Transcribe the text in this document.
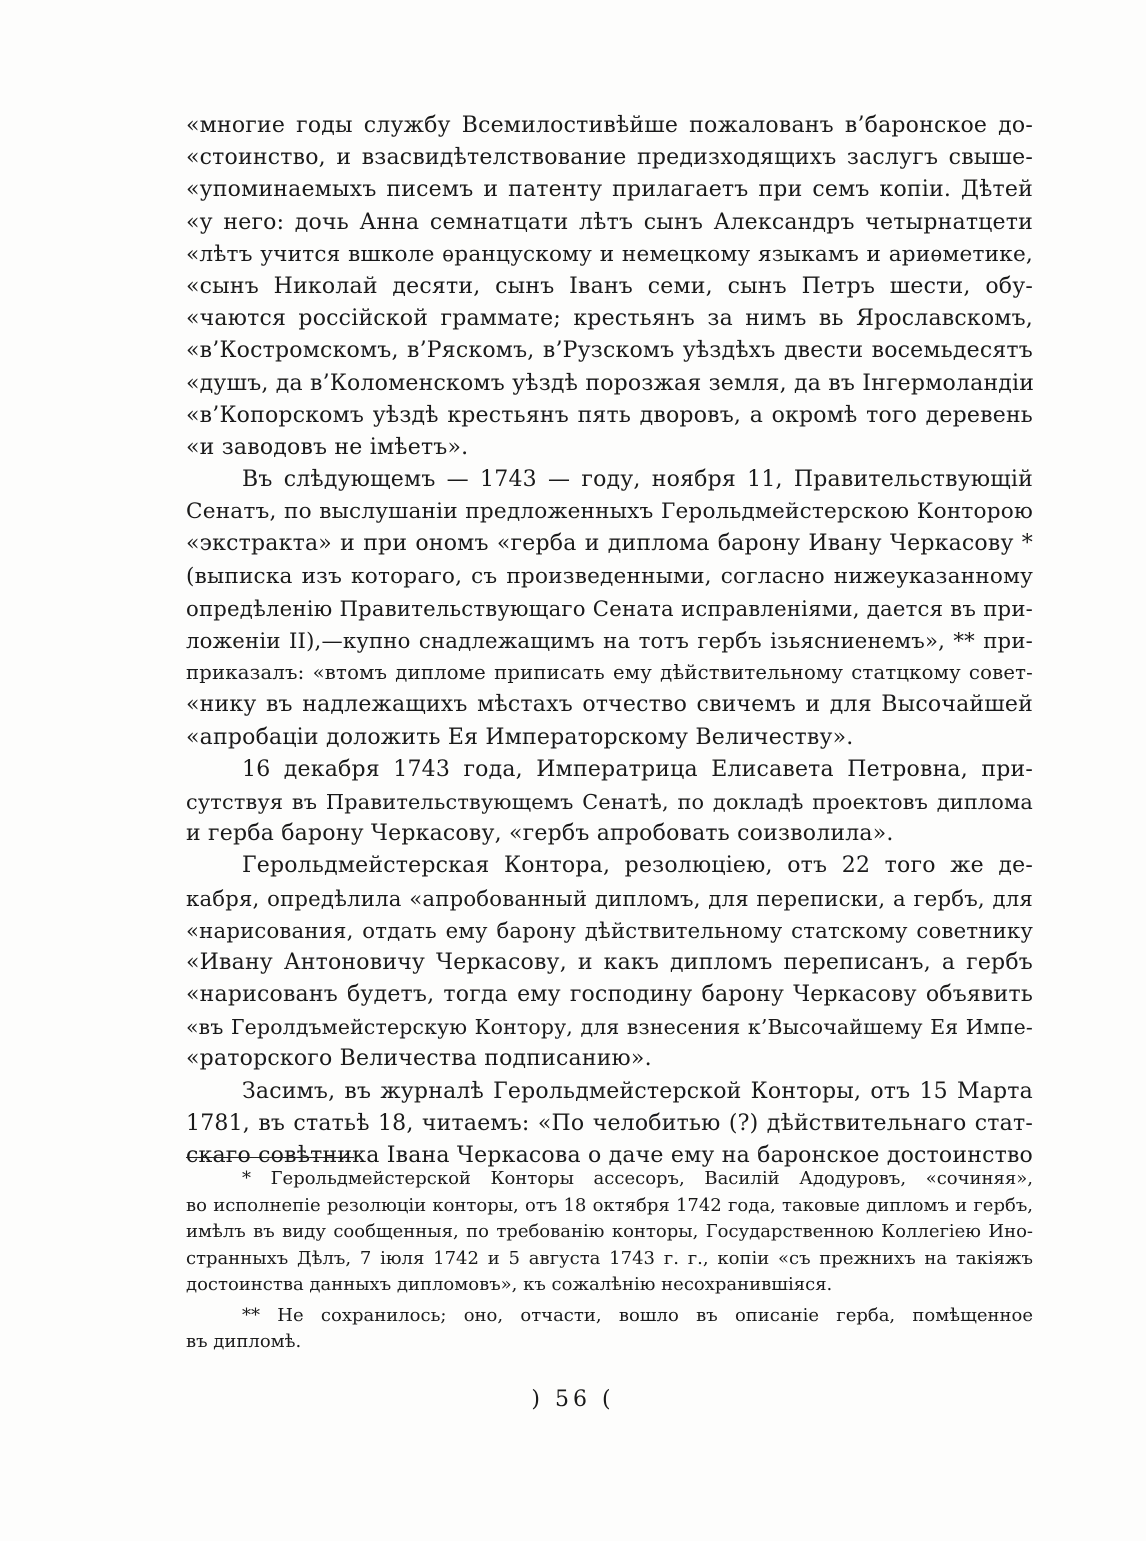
«многие годы службу Всемилостивѣйше пожалованъ в’баронское до-
«стоинство, и взасвидѣтелствование предизходящихъ заслугъ свыше-
«упоминаемыхъ писемъ и патенту прилагаетъ при семъ копіи. Дѣтей
«у него: дочь Анна семнатцати лѣтъ сынъ Александръ четырнатцети
«лѣтъ учится вшколе ѳранцускому и немецкому языкамъ и ариѳметике,
«сынъ Николай десяти, сынъ Іванъ семи, сынъ Петръ шести, обу-
«чаются россійской граммате; крестьянъ за нимъ вь Ярославскомъ,
«в’Костромскомъ, в’Ряскомъ, в’Рузскомъ уѣздѣхъ двести восемьдесятъ
«душъ, да в’Коломенскомъ уѣздѣ порозжая земля, да въ Інгермоландіи
«в’Копорскомъ уѣздѣ крестьянъ пять дворовъ, а окромѣ того деревень
«и заводовъ не імѣетъ».
Въ слѣдующемъ — 1743 — году, ноября 11, Правительствующій
Сенатъ, по выслушаніи предложенныхъ Герольдмейстерскою Конторою
«экстракта» и при ономъ «герба и диплома барону Ивану Черкасову *
(выписка изъ котораго, съ произведенными, согласно нижеуказанному
опредѣленію Правительствующаго Сената исправленіями, дается въ при-
ложеніи II),—купно снадлежащимъ на тотъ гербъ ізьясниенемъ», ** при-
приказалъ: «втомъ дипломе приписать ему дѣйствительному статцкому совет-
«нику въ надлежащихъ мѣстахъ отчество свичемъ и для Высочайшей
«апробаціи доложить Ея Императорскому Величеству».
16 декабря 1743 года, Императрица Елисавета Петровна, при-
сутствуя въ Правительствующемъ Сенатѣ, по докладѣ проектовъ диплома
и герба барону Черкасову, «гербъ апробовать соизволила».
Герольдмейстерская Контора, резолюціею, отъ 22 того же де-
кабря, опредѣлила «апробованный дипломъ, для переписки, а гербъ, для
«нарисования, отдать ему барону дѣйствительному статскому советнику
«Ивану Антоновичу Черкасову, и какъ дипломъ переписанъ, а гербъ
«нарисованъ будетъ, тогда ему господину барону Черкасову объявить
«въ Геролдъмейстерскую Контору, для взнесения к’Высочайшему Ея Импе-
«раторского Величества подписанию».
Засимъ, въ журналѣ Герольдмейстерской Конторы, отъ 15 Марта
1781, въ статьѣ 18, читаемъ: «По челобитью (?) дѣйствительнаго стат-
скаго совѣтника Івана Черкасова о даче ему на баронское достоинство
* Герольдмейстерской Конторы ассесоръ, Василій Адодуровъ, «сочиняя»,
во исполнепіе резолюціи конторы, отъ 18 октября 1742 года, таковые дипломъ и гербъ,
имѣлъ въ виду сообщенныя, по требованію конторы, Государственною Коллегіею Ино-
странныхъ Дѣлъ, 7 іюля 1742 и 5 августа 1743 г. г., копіи «съ прежнихъ на такіяжъ
достоинства данныхъ дипломовъ», къ сожалѣнію несохранившіяся.
** Не сохранилось; оно, отчасти, вошло въ описаніе герба, помѣщенное
въ дипломѣ.
) 56 (
